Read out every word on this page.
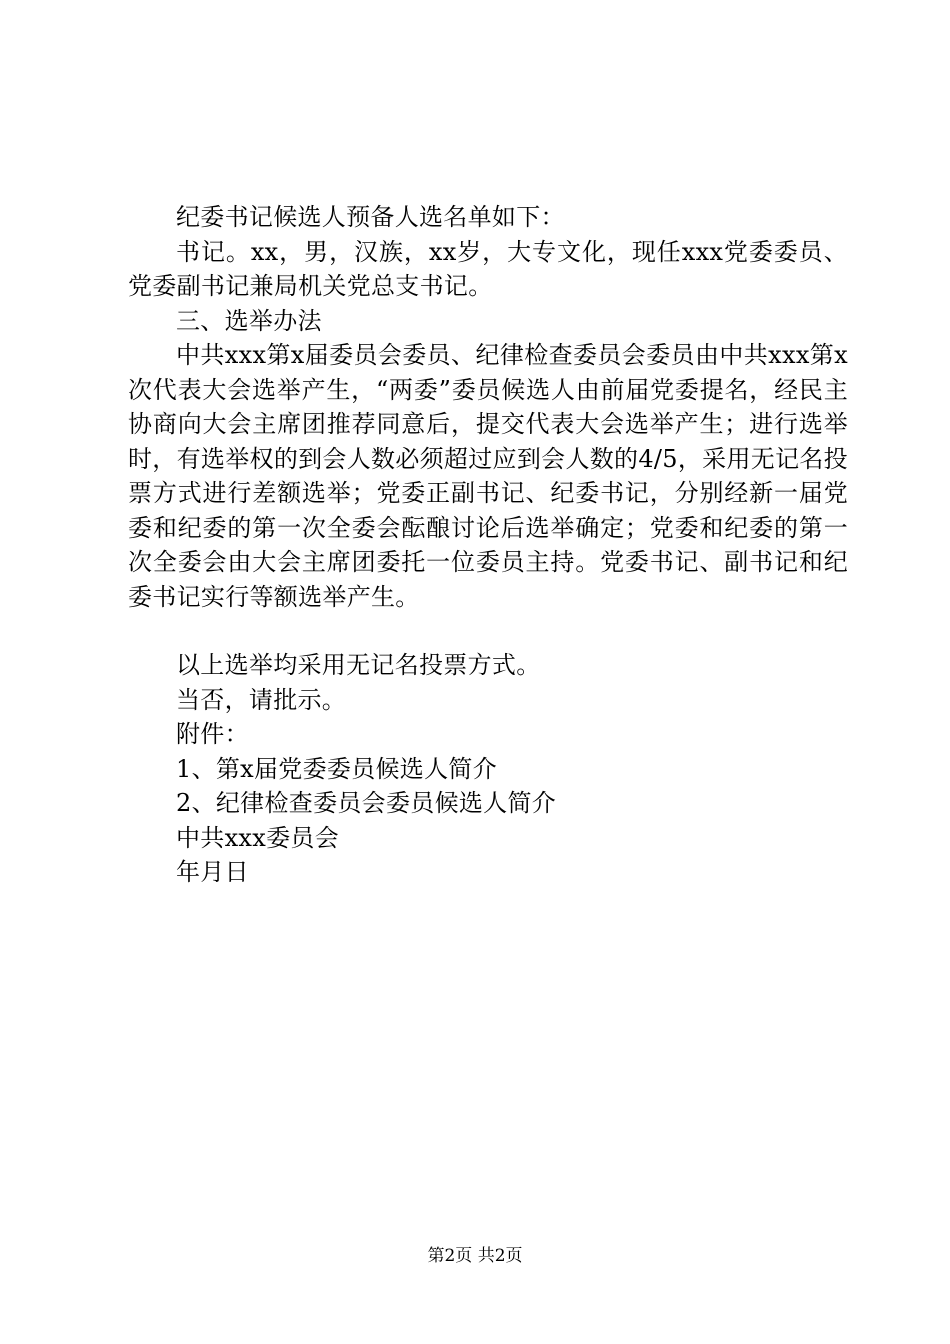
纪委书记候选人预备人选名单如下：

书记。xx，男，汉族，xx岁，大专文化，现任xxx党委委员、党委副书记兼局机关党总支书记。

三、选举办法

中共xxx第x届委员会委员、纪律检查委员会委员由中共xxx第x次代表大会选举产生，“两委”委员候选人由前届党委提名，经民主协商向大会主席团推荐同意后，提交代表大会选举产生；进行选举时，有选举权的到会人数必须超过应到会人数的4/5，采用无记名投票方式进行差额选举；党委正副书记、纪委书记，分别经新一届党委和纪委的第一次全委会酝酿讨论后选举确定；党委和纪委的第一次全委会由大会主席团委托一位委员主持。党委书记、副书记和纪委书记实行等额选举产生。

以上选举均采用无记名投票方式。

当否，请批示。

附件：

1、第x届党委委员候选人简介

2、纪律检查委员会委员候选人简介

中共xxx委员会

年月日

第2页 共2页
